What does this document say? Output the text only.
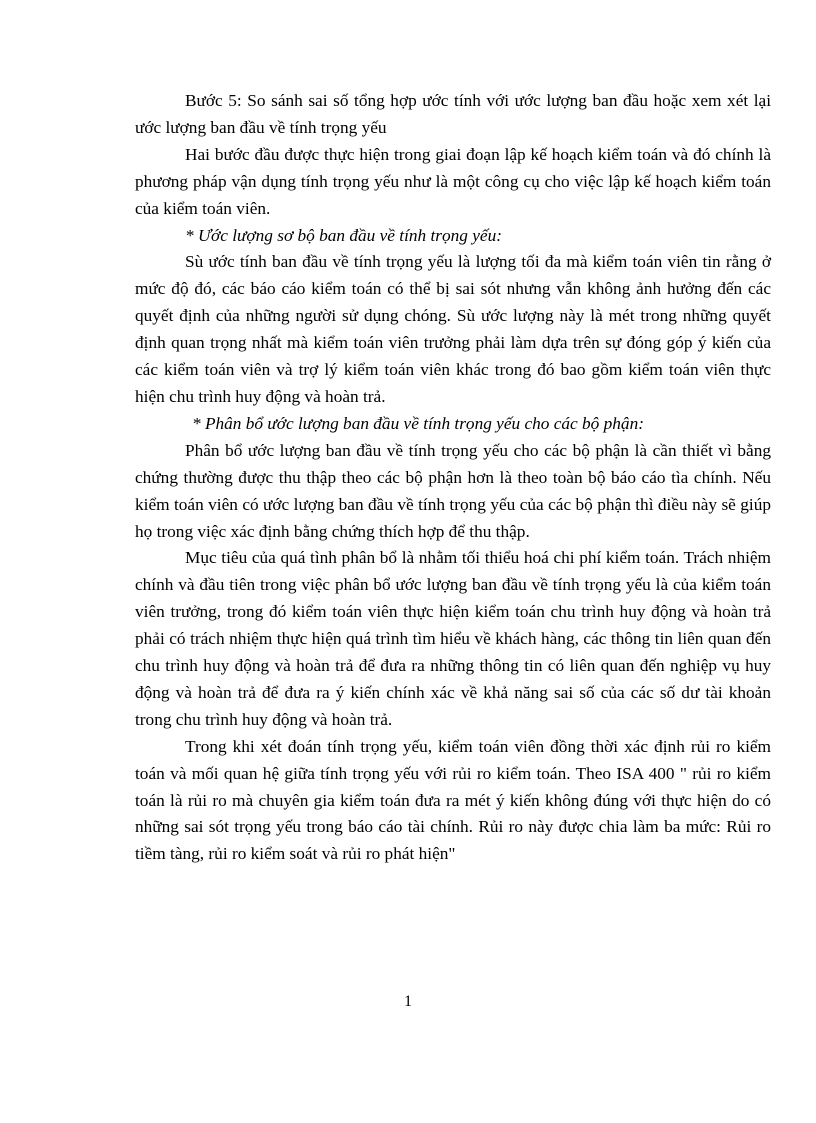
Bước 5: So sánh sai số tổng hợp ước tính với ước lượng ban đầu hoặc xem xét lại ước lượng ban đầu về tính trọng yếu

Hai bước đầu được thực hiện trong giai đoạn lập kế hoạch kiểm toán và đó chính là phương pháp vận dụng tính trọng yếu như là một công cụ cho việc lập kế hoạch kiểm toán của kiểm toán viên.

* Ước lượng sơ bộ ban đầu về tính trọng yếu:

Sù ước tính ban đầu về tính trọng yếu là lượng tối đa mà kiểm toán viên tin rằng ở mức độ đó, các báo cáo kiểm toán có thể bị sai sót nhưng vẫn không ảnh hưởng đến các quyết định của những người sử dụng chóng. Sù ước lượng này là mét trong những quyết định quan trọng nhất mà kiểm toán viên trưởng phải làm dựa trên sự đóng góp ý kiến của các kiểm toán viên và trợ lý kiểm toán viên khác trong đó bao gồm kiểm toán viên thực hiện chu trình huy động và hoàn trả.

* Phân bổ ước lượng ban đầu về tính trọng yếu cho các bộ phận:

Phân bổ ước lượng ban đầu về tính trọng yếu cho các bộ phận là cần thiết vì bằng chứng thường được thu thập theo các bộ phận hơn là theo toàn bộ báo cáo tìa chính. Nếu kiểm toán viên có ước lượng ban đầu về tính trọng yếu của các bộ phận thì điều này sẽ giúp họ trong việc xác định bằng chứng thích hợp để thu thập.

Mục tiêu của quá tình phân bổ là nhằm tối thiểu hoá chi phí kiểm toán. Trách nhiệm chính và đầu tiên trong việc phân bổ ước lượng ban đầu về tính trọng yếu là của kiểm toán viên trưởng, trong đó kiểm toán viên thực hiện kiểm toán chu trình huy động và hoàn trả phải có trách nhiệm thực hiện quá trình tìm hiểu về khách hàng, các thông tin liên quan đến chu trình huy động và hoàn trả để đưa ra những thông tin có liên quan đến nghiệp vụ huy động và hoàn trả để đưa ra ý kiến chính xác về khả năng sai số của các số dư tài khoản trong chu trình huy động và hoàn trả.

Trong khi xét đoán tính trọng yếu, kiểm toán viên đồng thời xác định rủi ro kiểm toán và mối quan hệ giữa tính trọng yếu với rủi ro kiểm toán. Theo ISA 400 " rủi ro kiểm toán là rủi ro mà chuyên gia kiểm toán đưa ra mét ý kiến không đúng với thực hiện do có những sai sót trọng yếu trong báo cáo tài chính. Rủi ro này được chia làm ba mức: Rủi ro tiềm tàng, rủi ro kiểm soát và rủi ro phát hiện"

1
